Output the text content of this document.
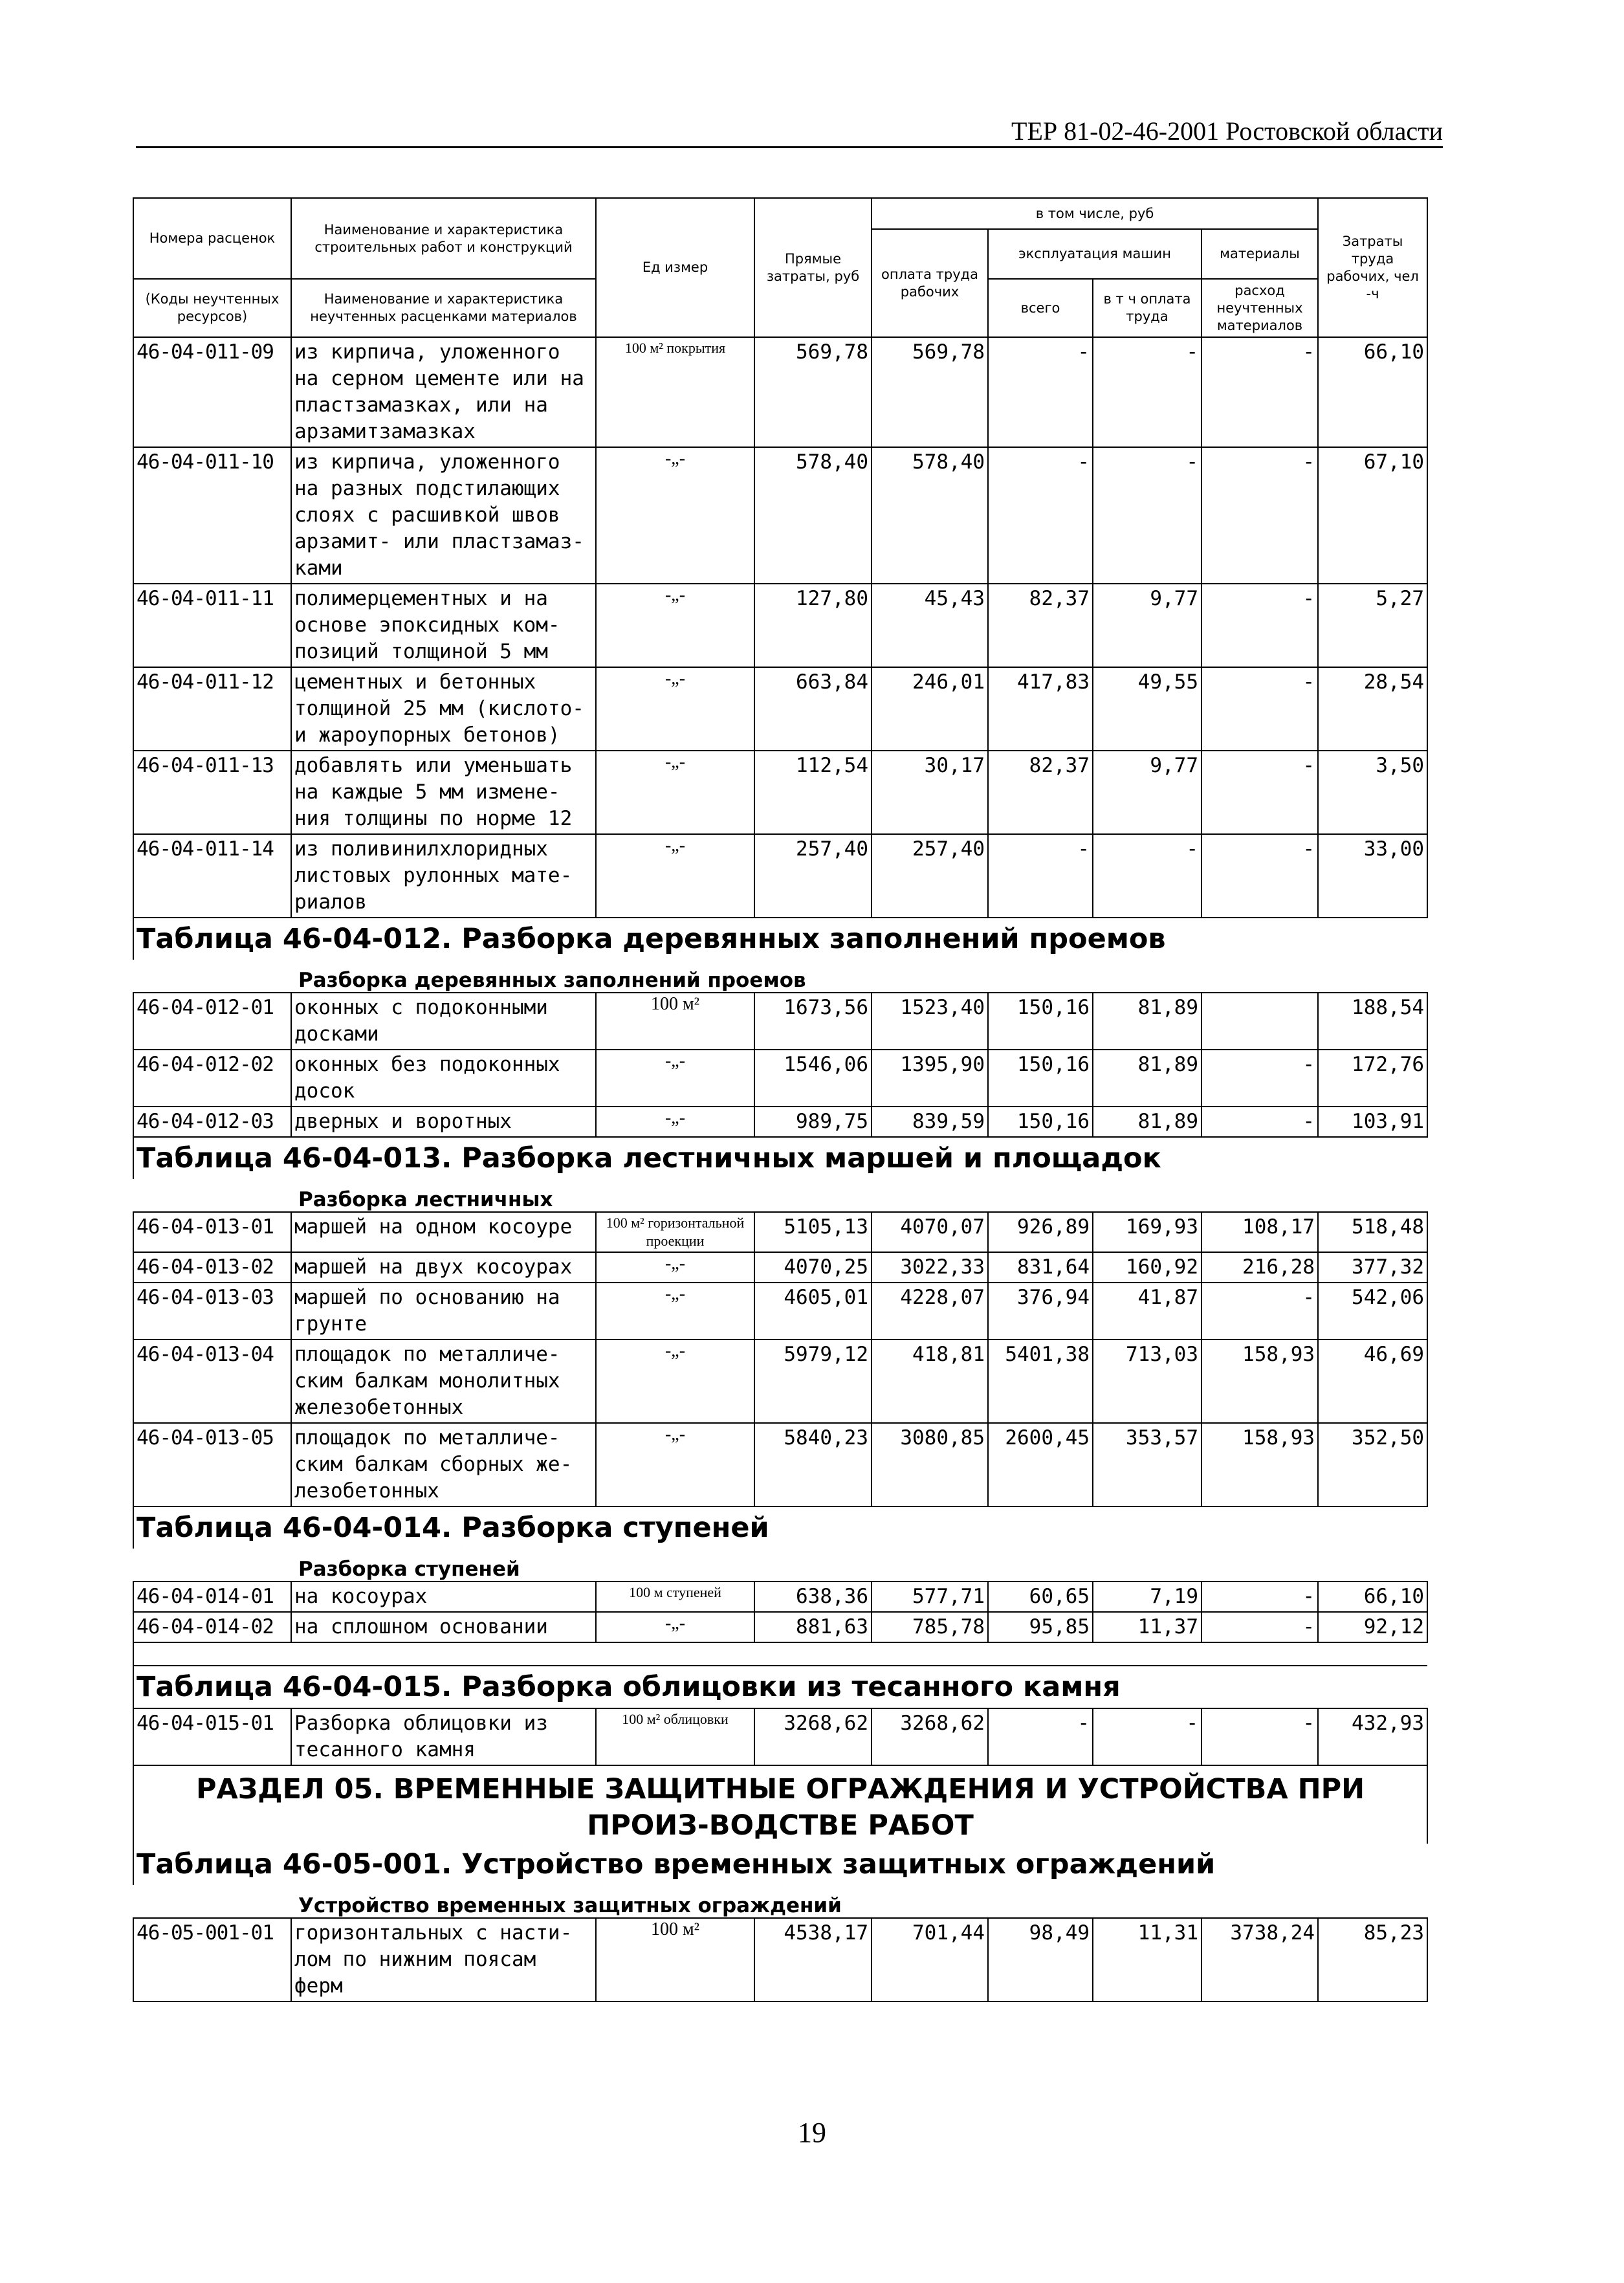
ТЕР 81-02-46-2001 Ростовской области
Номера расценок	Наименование и характеристика строительных работ и конструкций	Ед измер	Прямые затраты, руб	в том числе, руб				Затраты труда рабочих, чел -ч
				оплата труда рабочих	эксплуатация машин		материалы	
(Коды неучтенных ресурсов)	Наименование и характеристика неучтенных расценками материалов				всего	в т ч оплата труда	расход неучтенных материалов	

46-04-011-09	из кирпича, уложенного на серном цементе или на пластзамазках, или на арзамитзамазках	100 м² покрытия	569,78	569,78	-	-	-	66,10
46-04-011-10	из кирпича, уложенного на разных подстилающих слоях с расшивкой швов арзамит- или пластзамаз-ками	-„-	578,40	578,40	-	-	-	67,10
46-04-011-11	полимерцементных и на основе эпоксидных ком-позиций толщиной 5 мм	-„-	127,80	45,43	82,37	9,77	-	5,27
46-04-011-12	цементных и бетонных толщиной 25 мм (кислото-и жароупорных бетонов)	-„-	663,84	246,01	417,83	49,55	-	28,54
46-04-011-13	добавлять или уменьшать на каждые 5 мм измене-ния толщины по норме 12	-„-	112,54	30,17	82,37	9,77	-	3,50
46-04-011-14	из поливинилхлоридных листовых рулонных мате-риалов	-„-	257,40	257,40	-	-	-	33,00
Таблица 46-04-012. Разборка деревянных заполнений проемов								
Разборка деревянных заполнений проемов								
46-04-012-01	оконных с подоконными досками	100 м²	1673,56	1523,40	150,16	81,89		188,54
46-04-012-02	оконных без подоконных досок	-„-	1546,06	1395,90	150,16	81,89	-	172,76
46-04-012-03	дверных и воротных	-„-	989,75	839,59	150,16	81,89	-	103,91
Таблица 46-04-013. Разборка лестничных маршей и площадок								
Разборка лестничных								
46-04-013-01	маршей на одном косоуре	100 м² горизонтальной проекции	5105,13	4070,07	926,89	169,93	108,17	518,48
46-04-013-02	маршей на двух косоурах	-„-	4070,25	3022,33	831,64	160,92	216,28	377,32
46-04-013-03	маршей по основанию на грунте	-„-	4605,01	4228,07	376,94	41,87	-	542,06
46-04-013-04	площадок по металличе-ским балкам монолитных железобетонных	-„-	5979,12	418,81	5401,38	713,03	158,93	46,69
46-04-013-05	площадок по металличе-ским балкам сборных же-лезобетонных	-„-	5840,23	3080,85	2600,45	353,57	158,93	352,50
Таблица 46-04-014. Разборка ступеней								
Разборка ступеней								
46-04-014-01	на косоурах	100 м ступеней	638,36	577,71	60,65	7,19	-	66,10
46-04-014-02	на сплошном основании	-„-	881,63	785,78	95,85	11,37	-	92,12

Таблица 46-04-015. Разборка облицовки из тесанного камня								
46-04-015-01	Разборка облицовки из тесанного камня	100 м² облицовки	3268,62	3268,62	-	-	-	432,93
РАЗДЕЛ 05. ВРЕМЕННЫЕ ЗАЩИТНЫЕ ОГРАЖДЕНИЯ И УСТРОЙСТВА ПРИ ПРОИЗ-ВОДСТВЕ РАБОТ								
Таблица 46-05-001. Устройство временных защитных ограждений								
Устройство временных защитных ограждений								
46-05-001-01	горизонтальных с насти-лом по нижним поясам ферм	100 м²	4538,17	701,44	98,49	11,31	3738,24	85,23
19
